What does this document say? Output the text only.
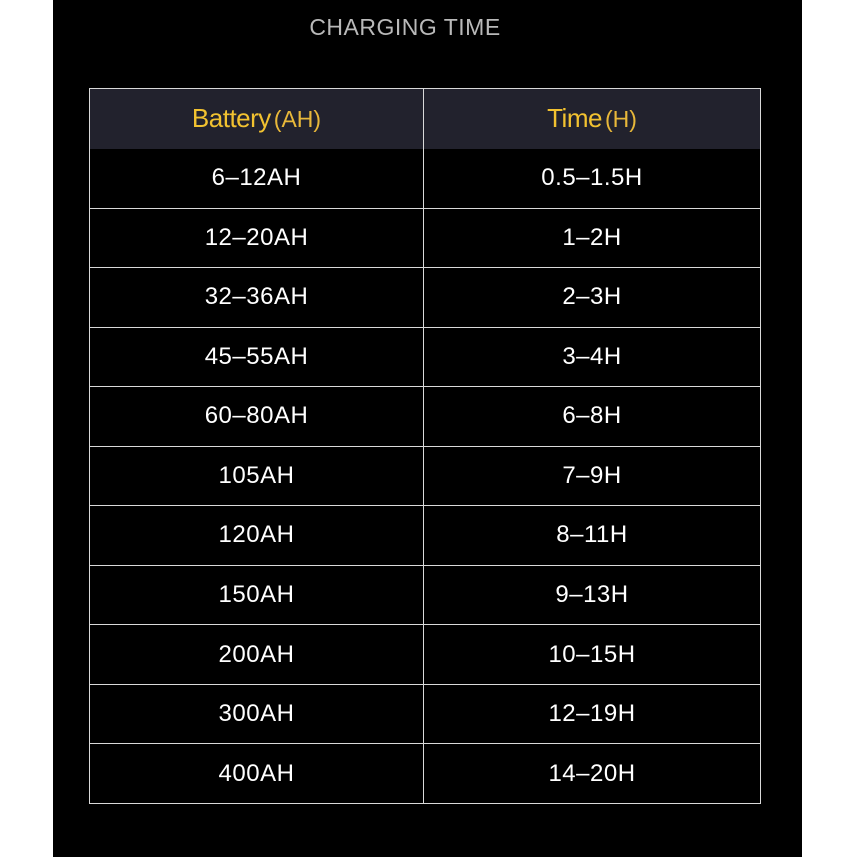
CHARGING TIME
Battery (AH)	Time (H)
6–12AH	0.5–1.5H
12–20AH	1–2H
32–36AH	2–3H
45–55AH	3–4H
60–80AH	6–8H
105AH	7–9H
120AH	8–11H
150AH	9–13H
200AH	10–15H
300AH	12–19H
400AH	14–20H
